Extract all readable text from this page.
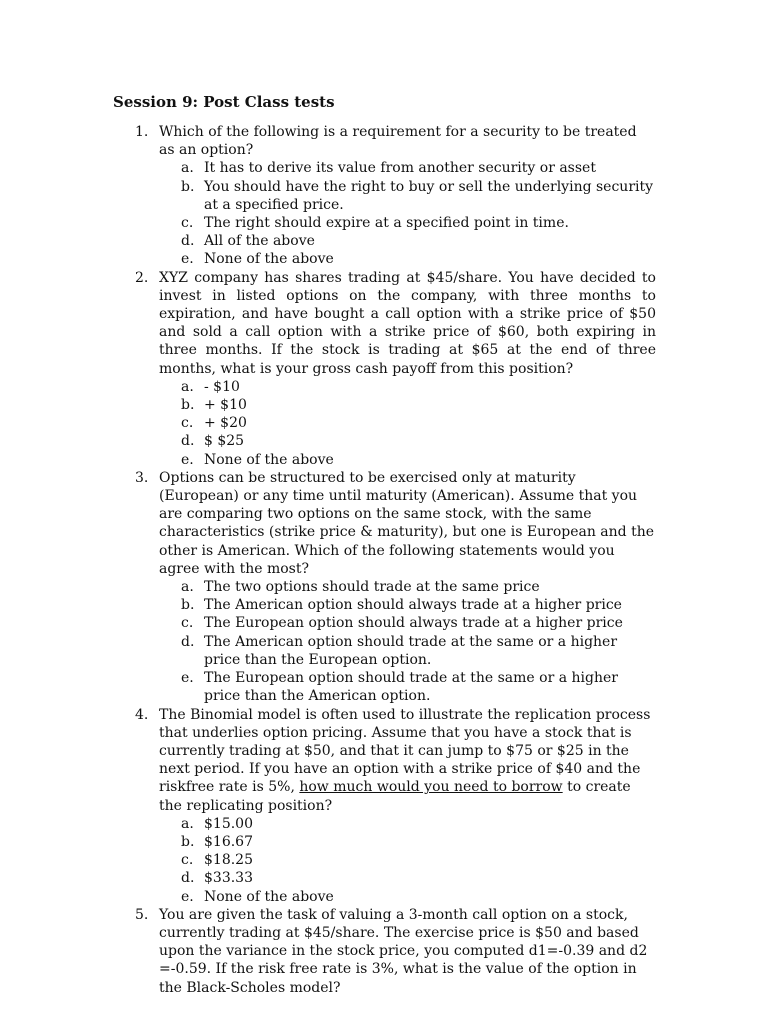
Session 9: Post Class tests
1. Which of the following is a requirement for a security to be treated as an option?
a. It has to derive its value from another security or asset
b. You should have the right to buy or sell the underlying security at a specified price.
c. The right should expire at a specified point in time.
d. All of the above
e. None of the above
2. XYZ company has shares trading at $45/share. You have decided to invest in listed options on the company, with three months to expiration, and have bought a call option with a strike price of $50 and sold a call option with a strike price of $60, both expiring in three months. If the stock is trading at $65 at the end of three months, what is your gross cash payoff from this position?
a. - $10
b. + $10
c. + $20
d. $ $25
e. None of the above
3. Options can be structured to be exercised only at maturity (European) or any time until maturity (American). Assume that you are comparing two options on the same stock, with the same characteristics (strike price & maturity), but one is European and the other is American. Which of the following statements would you agree with the most?
a. The two options should trade at the same price
b. The American option should always trade at a higher price
c. The European option should always trade at a higher price
d. The American option should trade at the same or a higher price than the European option.
e. The European option should trade at the same or a higher price than the American option.
4. The Binomial model is often used to illustrate the replication process that underlies option pricing. Assume that you have a stock that is currently trading at $50, and that it can jump to $75 or $25 in the next period. If you have an option with a strike price of $40 and the riskfree rate is 5%, how much would you need to borrow to create the replicating position?
a. $15.00
b. $16.67
c. $18.25
d. $33.33
e. None of the above
5. You are given the task of valuing a 3-month call option on a stock, currently trading at $45/share. The exercise price is $50 and based upon the variance in the stock price, you computed d1=-0.39 and d2 =-0.59. If the risk free rate is 3%, what is the value of the option in the Black-Scholes model?
